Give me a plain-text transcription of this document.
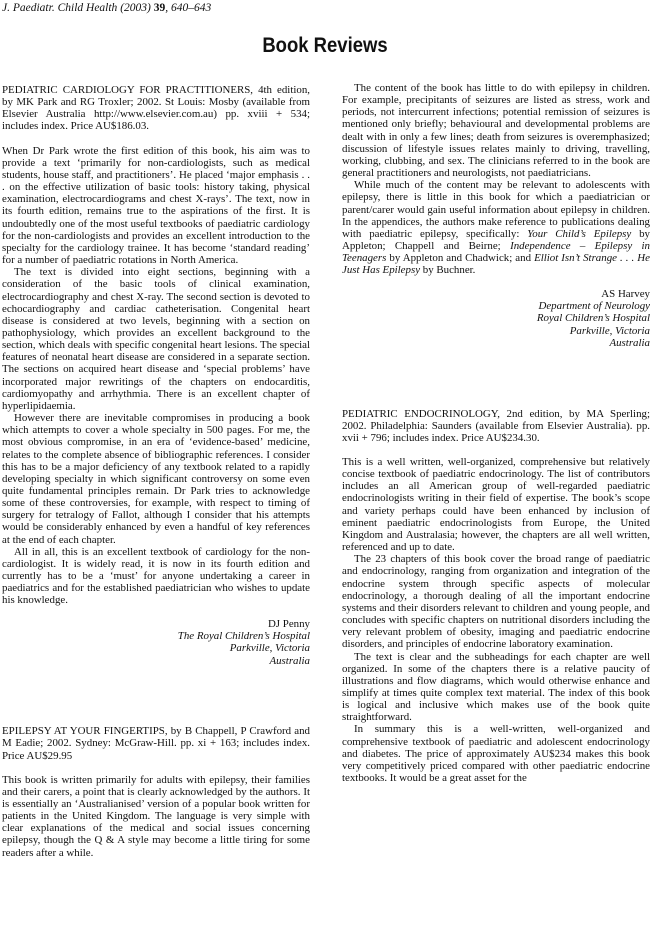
J. Paediatr. Child Health (2003) 39, 640–643
Book Reviews

PEDIATRIC CARDIOLOGY FOR PRACTITIONERS, 4th edition, by MK Park and RG Troxler; 2002. St Louis: Mosby (available from Elsevier Australia http://www.elsevier.com.au) pp. xviii + 534; includes index. Price AU$186.03.

When Dr Park wrote the first edition of this book, his aim was to provide a text ‘primarily for non-cardiologists, such as medical students, house staff, and practitioners’. He placed ‘major emphasis . . . on the effective utilization of basic tools: history taking, physical examination, electrocardiograms and chest X-rays’. The text, now in its fourth edition, remains true to the aspirations of the first. It is undoubtedly one of the most useful textbooks of paediatric cardiology for the non-cardiologists and provides an excellent introduction to the specialty for the cardiology trainee. It has become ‘standard reading’ for a number of paediatric rotations in North America.

The text is divided into eight sections, beginning with a consideration of the basic tools of clinical examination, electrocardiography and chest X-ray. The second section is devoted to echocardiography and cardiac catheterisation. Congenital heart disease is considered at two levels, beginning with a section on pathophysiology, which provides an excellent background to the section, which deals with specific congenital heart lesions. The special features of neonatal heart disease are considered in a separate section. The sections on acquired heart disease and ‘special problems’ have incorporated major rewritings of the chapters on endocarditis, cardiomyopathy and arrhythmia. There is an excellent chapter of hyperlipidaemia.

However there are inevitable compromises in producing a book which attempts to cover a whole specialty in 500 pages. For me, the most obvious compromise, in an era of ‘evidence-based’ medicine, relates to the complete absence of bibliographic references. I consider this has to be a major deficiency of any textbook related to a rapidly developing specialty in which significant controversy on some even quite fundamental principles remain. Dr Park tries to acknowledge some of these controversies, for example, with respect to timing of surgery for tetralogy of Fallot, although I consider that his attempts would be considerably enhanced by even a handful of key references at the end of each chapter.

All in all, this is an excellent textbook of cardiology for the non-cardiologist. It is widely read, it is now in its fourth edition and currently has to be a ‘must’ for anyone undertaking a career in paediatrics and for the established paediatrician who wishes to update his knowledge.

DJ Penny
The Royal Children’s Hospital
Parkville, Victoria
Australia

EPILEPSY AT YOUR FINGERTIPS, by B Chappell, P Crawford and M Eadie; 2002. Sydney: McGraw-Hill. pp. xi + 163; includes index. Price AU$29.95

This book is written primarily for adults with epilepsy, their families and their carers, a point that is clearly acknowledged by the authors. It is essentially an ‘Australianised’ version of a popular book written for patients in the United Kingdom. The language is very simple with clear explanations of the medical and social issues concerning epilepsy, though the Q & A style may become a little tiring for some readers after a while.

The content of the book has little to do with epilepsy in children. For example, precipitants of seizures are listed as stress, work and periods, not intercurrent infections; potential remission of seizures is mentioned only briefly; behavioural and developmental problems are dealt with in only a few lines; death from seizures is overemphasized; discussion of lifestyle issues relates mainly to driving, travelling, working, clubbing, and sex. The clinicians referred to in the book are general practitioners and neurologists, not paediatricians.

While much of the content may be relevant to adolescents with epilepsy, there is little in this book for which a paediatrician or parent/carer would gain useful information about epilepsy in children. In the appendices, the authors make reference to publications dealing with paediatric epilepsy, specifically: Your Child’s Epilepsy by Appleton; Chappell and Beirne; Independence – Epilepsy in Teenagers by Appleton and Chadwick; and Elliot Isn’t Strange . . . He Just Has Epilepsy by Buchner.

AS Harvey
Department of Neurology
Royal Children’s Hospital
Parkville, Victoria
Australia

PEDIATRIC ENDOCRINOLOGY, 2nd edition, by MA Sperling; 2002. Philadelphia: Saunders (available from Elsevier Australia). pp. xvii + 796; includes index. Price AU$234.30.

This is a well written, well-organized, comprehensive but relatively concise textbook of paediatric endocrinology. The list of contributors includes an all American group of well-regarded paediatric endocrinologists writing in their field of expertise. The book’s scope and variety perhaps could have been enhanced by inclusion of eminent paediatric endocrinologists from Europe, the United Kingdom and Australasia; however, the chapters are all well written, referenced and up to date.

The 23 chapters of this book cover the broad range of paediatric and endocrinology, ranging from organization and integration of the endocrine system through specific aspects of molecular endocrinology, a thorough dealing of all the important endocrine systems and their disorders relevant to children and young people, and concludes with specific chapters on nutritional disorders including the very relevant problem of obesity, imaging and paediatric endocrine disorders, and principles of endocrine laboratory examination.

The text is clear and the subheadings for each chapter are well organized. In some of the chapters there is a relative paucity of illustrations and flow diagrams, which would otherwise enhance and simplify at times quite complex text material. The index of this book is logical and inclusive which makes use of the book quite straightforward.

In summary this is a well-written, well-organized and comprehensive textbook of paediatric and adolescent endocrinology and diabetes. The price of approximately AU$234 makes this book very competitively priced compared with other paediatric endocrine textbooks. It would be a great asset for the
